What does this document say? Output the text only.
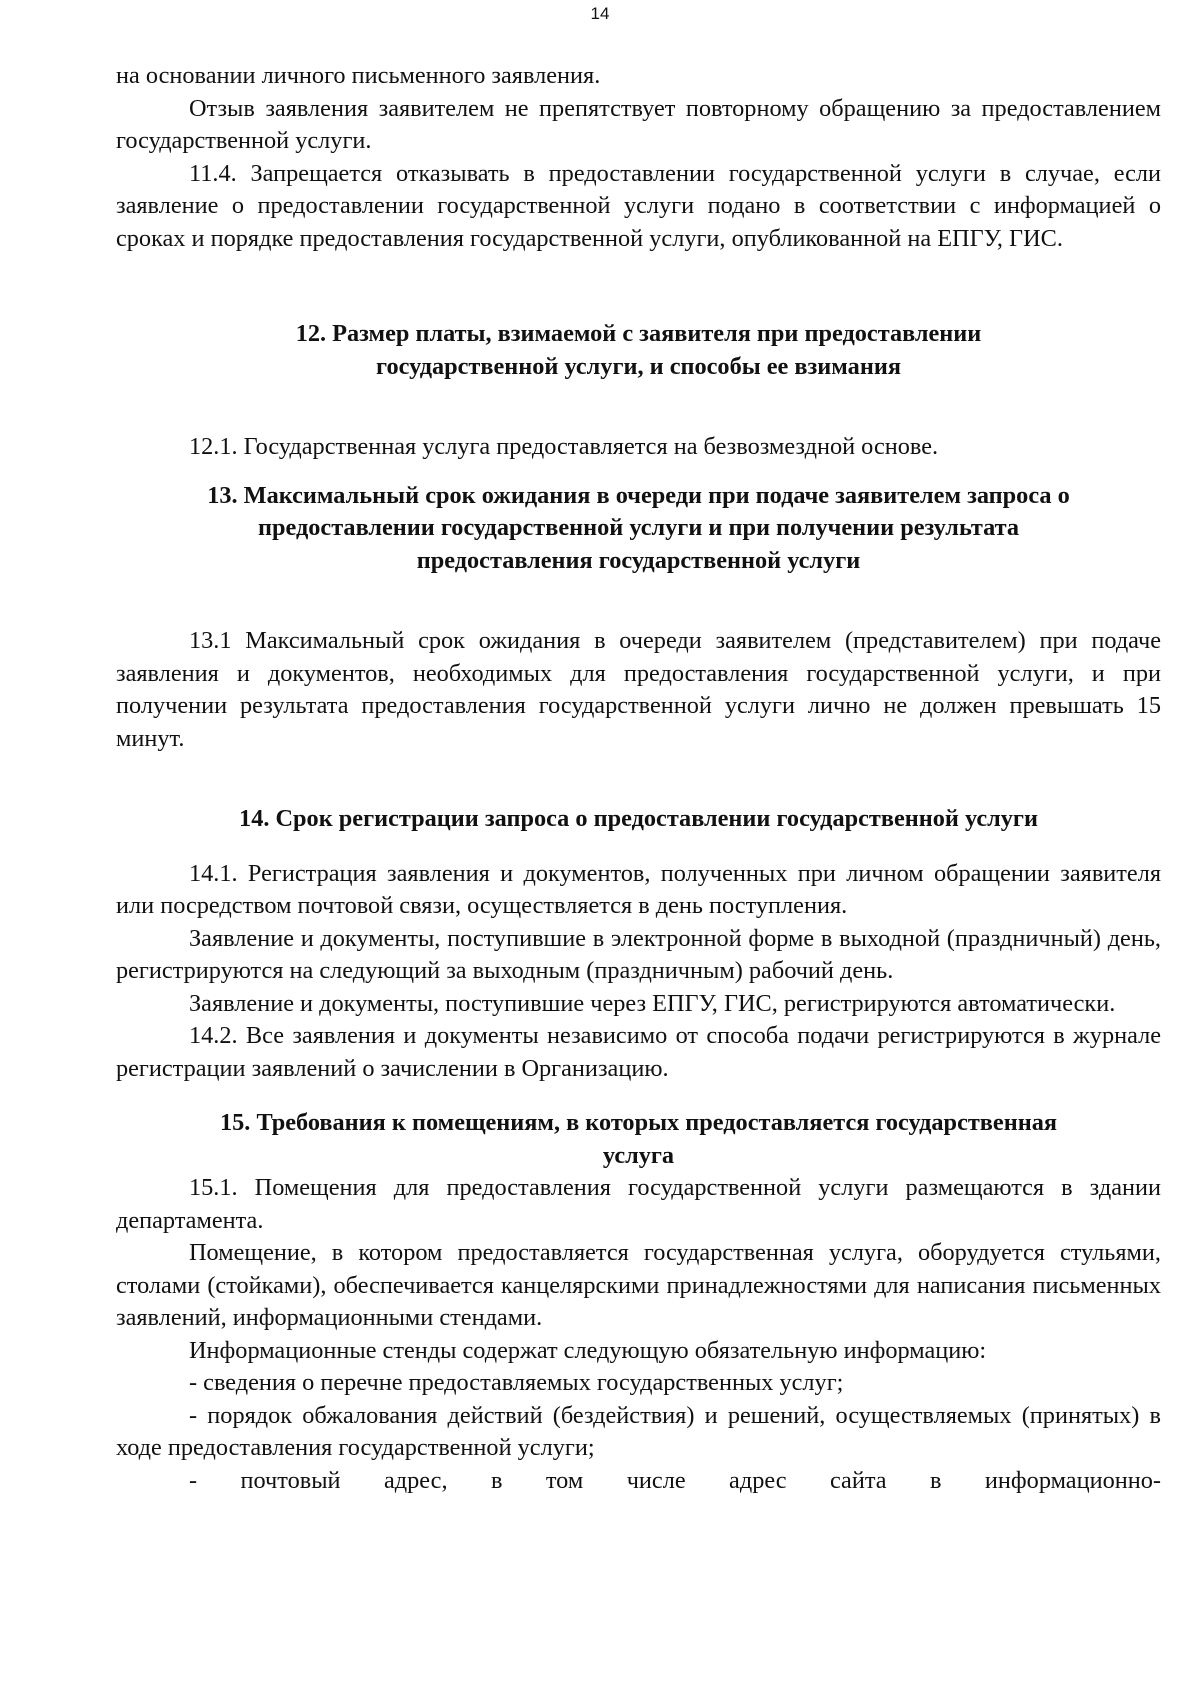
14

на основании личного письменного заявления.

Отзыв заявления заявителем не препятствует повторному обращению за предоставлением государственной услуги.

11.4. Запрещается отказывать в предоставлении государственной услуги в случае, если заявление о предоставлении государственной услуги подано в соответствии с информацией о сроках и порядке предоставления государственной услуги, опубликованной на ЕПГУ, ГИС.

12. Размер платы, взимаемой с заявителя при предоставлении
государственной услуги, и способы ее взимания

12.1. Государственная услуга предоставляется на безвозмездной основе.

13. Максимальный срок ожидания в очереди при подаче заявителем запроса о
предоставлении государственной услуги и при получении результата
предоставления государственной услуги

13.1 Максимальный срок ожидания в очереди заявителем (представителем) при подаче заявления и документов, необходимых для предоставления государственной услуги, и при получении результата предоставления государственной услуги лично не должен превышать 15 минут.

14. Срок регистрации запроса о предоставлении государственной услуги

14.1. Регистрация заявления и документов, полученных при личном обращении заявителя или посредством почтовой связи, осуществляется в день поступления.

Заявление и документы, поступившие в электронной форме в выходной (праздничный) день, регистрируются на следующий за выходным (праздничным) рабочий день.

Заявление и документы, поступившие через ЕПГУ, ГИС, регистрируются автоматически.

14.2. Все заявления и документы независимо от способа подачи регистрируются в журнале регистрации заявлений о зачислении в Организацию.

15. Требования к помещениям, в которых предоставляется государственная
услуга

15.1. Помещения для предоставления государственной услуги размещаются в здании департамента.

Помещение, в котором предоставляется государственная услуга, оборудуется стульями, столами (стойками), обеспечивается канцелярскими принадлежностями для написания письменных заявлений, информационными стендами.

Информационные стенды содержат следующую обязательную информацию:

- сведения о перечне предоставляемых государственных услуг;

- порядок обжалования действий (бездействия) и решений, осуществляемых (принятых) в ходе предоставления государственной услуги;

- почтовый адрес, в том числе адрес сайта в информационно-
